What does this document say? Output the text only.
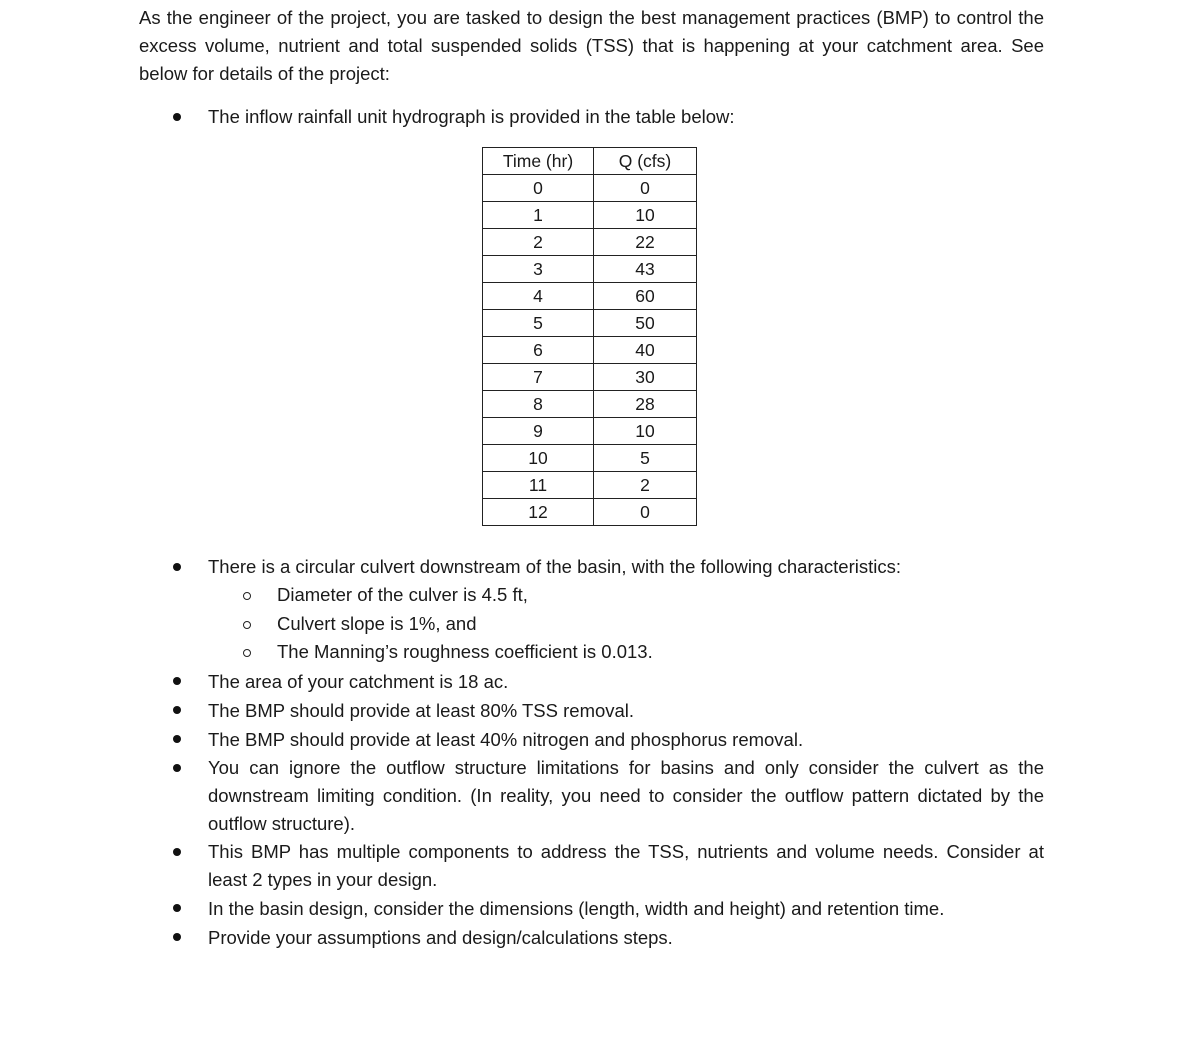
As the engineer of the project, you are tasked to design the best management practices (BMP) to control the excess volume, nutrient and total suspended solids (TSS) that is happening at your catchment area. See below for details of the project:

The inflow rainfall unit hydrograph is provided in the table below:
Time (hr)	Q (cfs)
0	0
1	10
2	22
3	43
4	60
5	50
6	40
7	30
8	28
9	10
10	5
11	2
12	0
There is a circular culvert downstream of the basin, with the following characteristics:
Diameter of the culver is 4.5 ft,
Culvert slope is 1%, and
The Manning’s roughness coefficient is 0.013.
The area of your catchment is 18 ac.
The BMP should provide at least 80% TSS removal.
The BMP should provide at least 40% nitrogen and phosphorus removal.
You can ignore the outflow structure limitations for basins and only consider the culvert as the downstream limiting condition. (In reality, you need to consider the outflow pattern dictated by the outflow structure).
This BMP has multiple components to address the TSS, nutrients and volume needs. Consider at least 2 types in your design.
In the basin design, consider the dimensions (length, width and height) and retention time.
Provide your assumptions and design/calculations steps.
